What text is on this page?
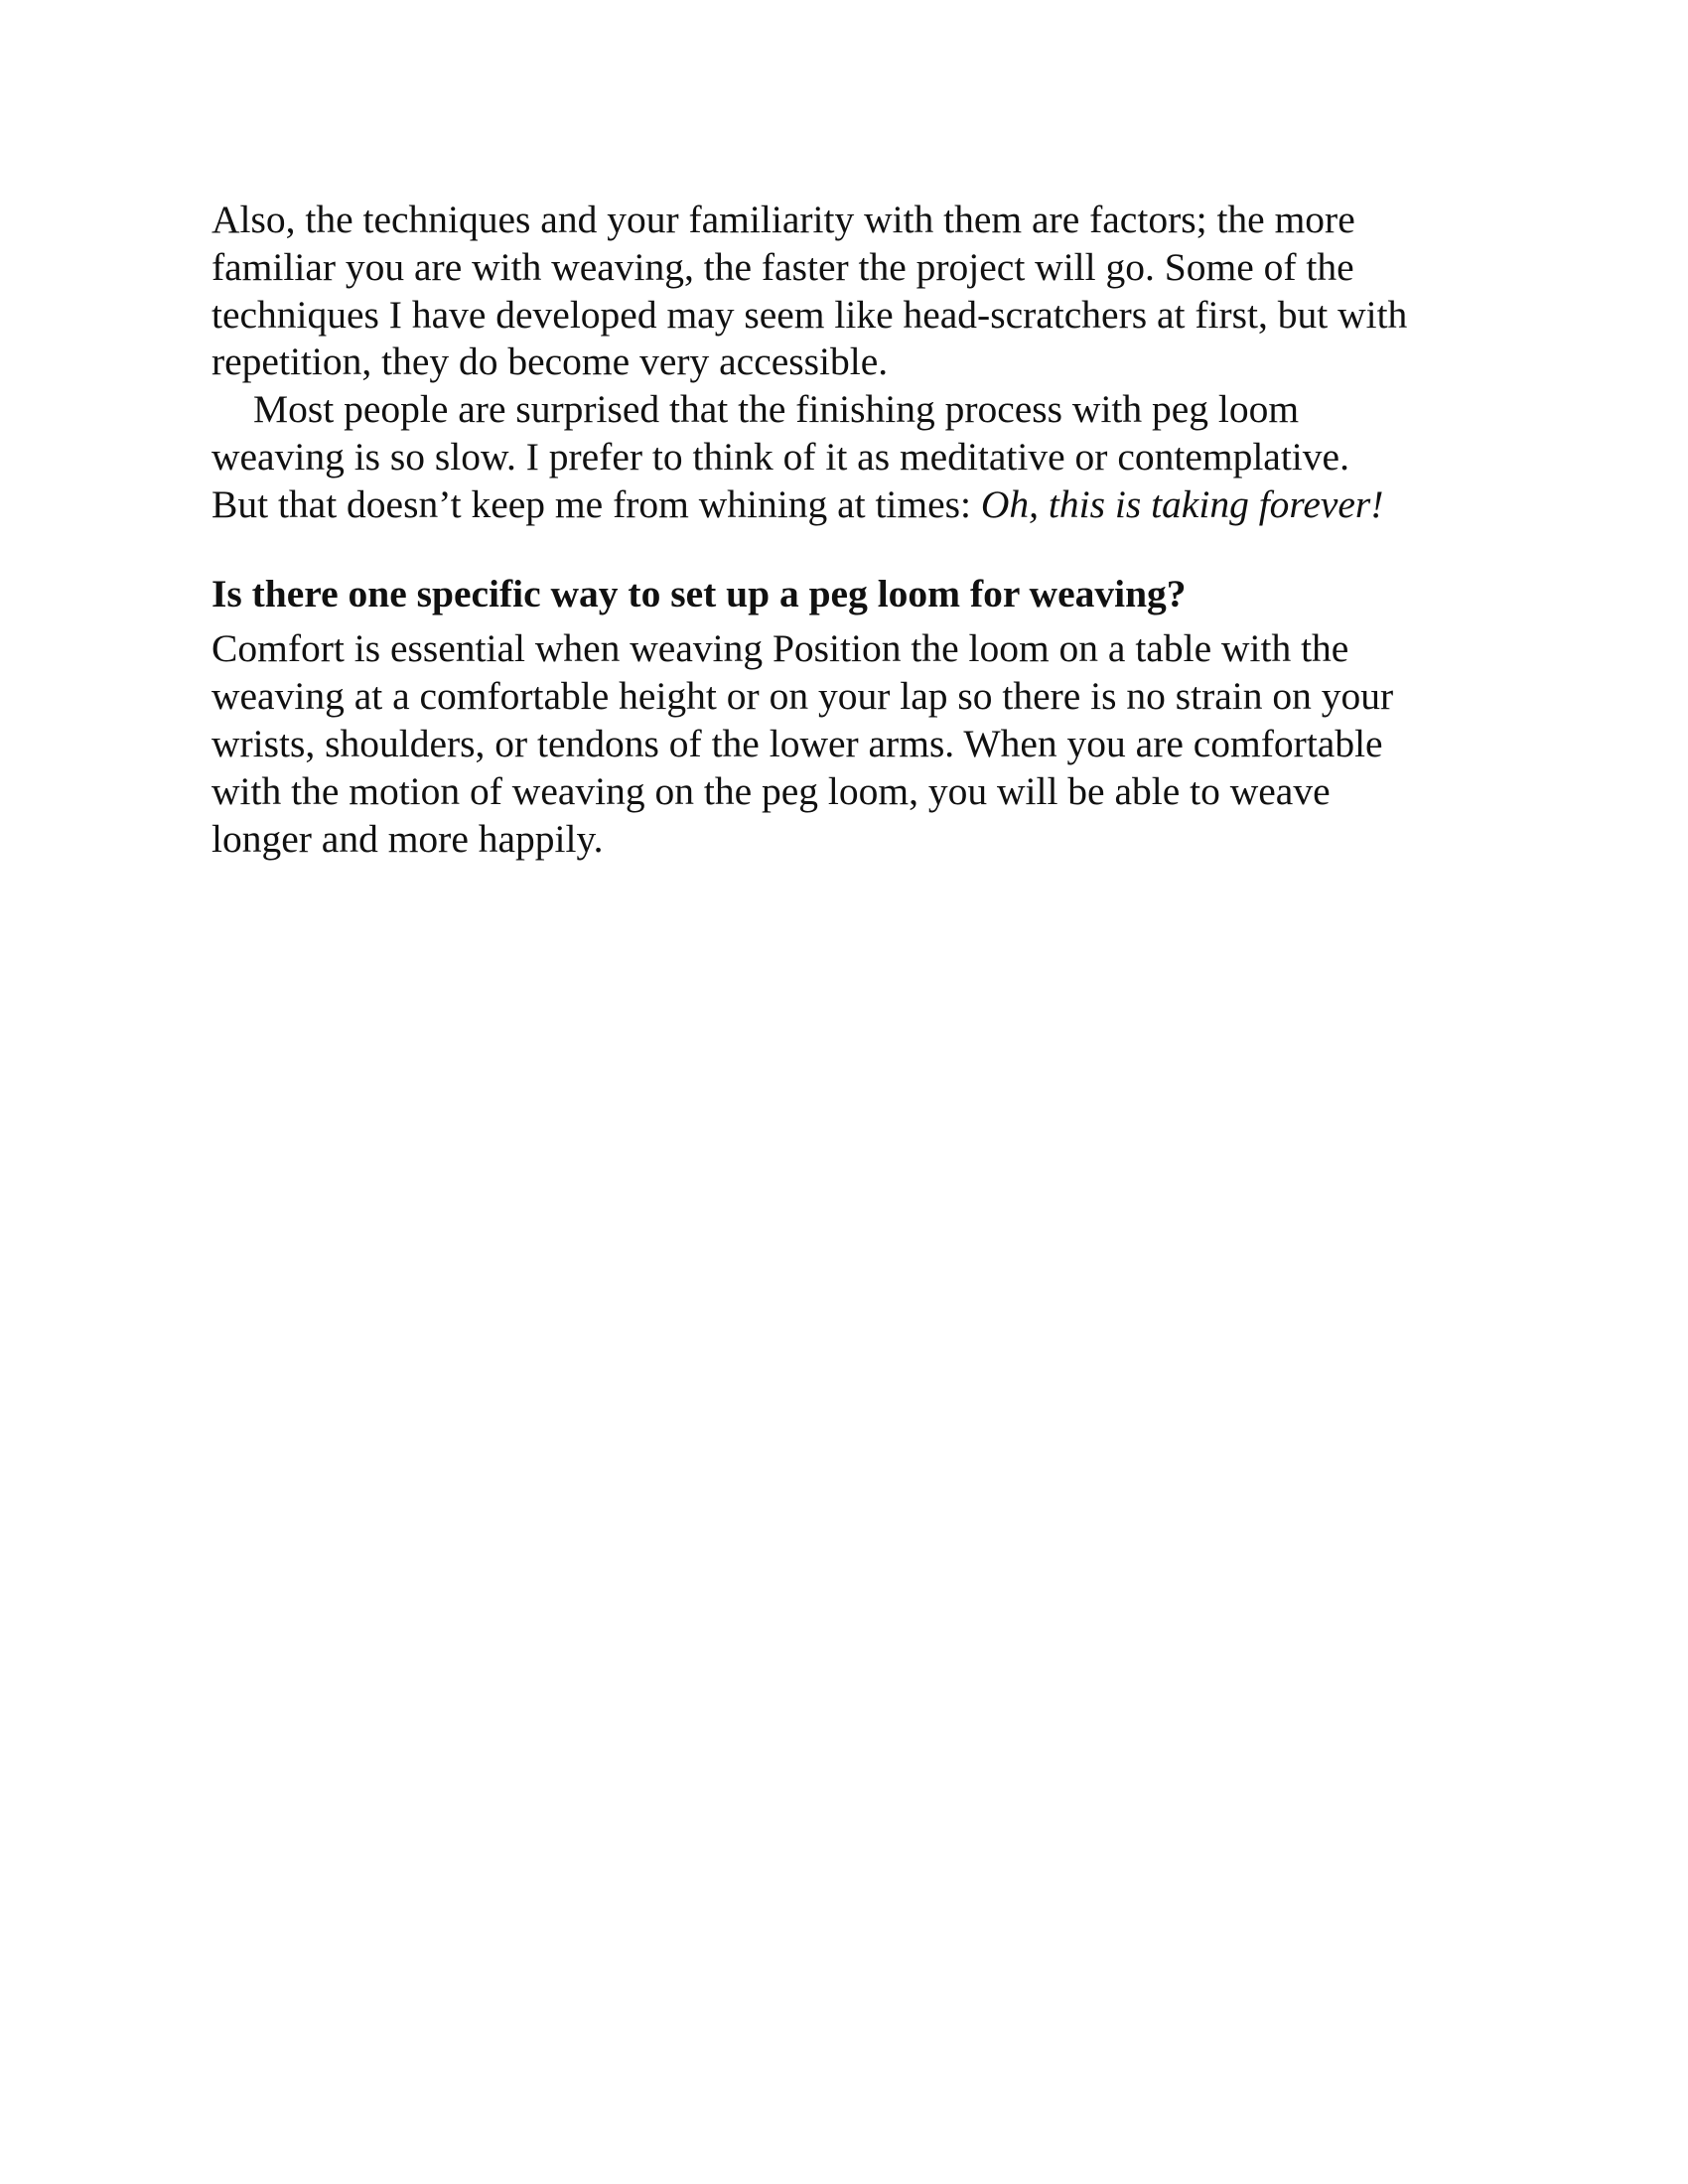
Also, the techniques and your familiarity with them are factors; the more
familiar you are with weaving, the faster the project will go. Some of the
techniques I have developed may seem like head-scratchers at first, but with
repetition, they do become very accessible.
Most people are surprised that the finishing process with peg loom
weaving is so slow. I prefer to think of it as meditative or contemplative.
But that doesn’t keep me from whining at times: Oh, this is taking forever!
Is there one specific way to set up a peg loom for weaving?
Comfort is essential when weaving Position the loom on a table with the
weaving at a comfortable height or on your lap so there is no strain on your
wrists, shoulders, or tendons of the lower arms. When you are comfortable
with the motion of weaving on the peg loom, you will be able to weave
longer and more happily.
